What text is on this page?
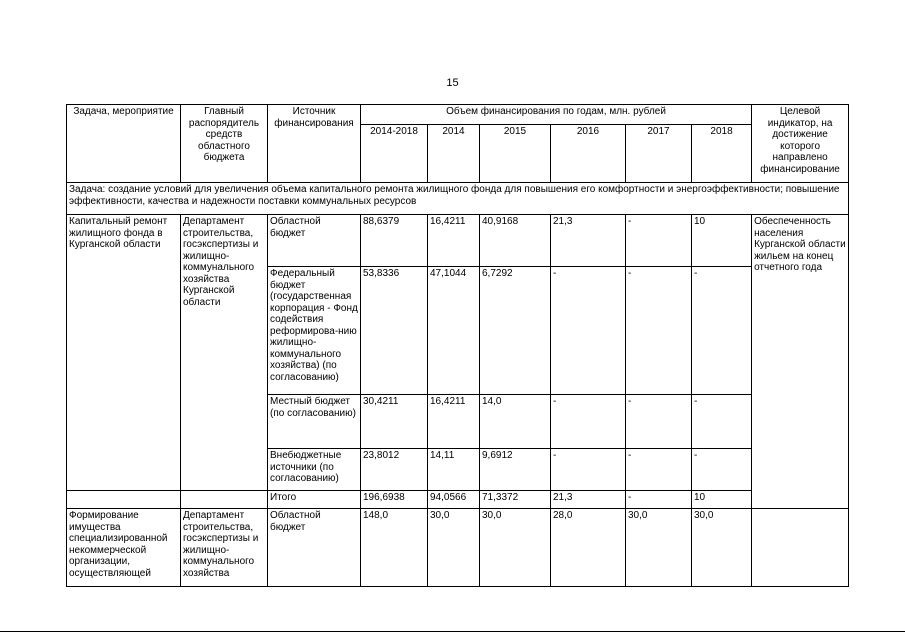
15
Задача, мероприятие	Главный распорядитель средств областного бюджета	Источник финансирования	Объем финансирования по годам, млн. рублей						Целевой индикатор, на достижение которого направлено финансирование
			2014-2018	2014	2015	2016	2017	2018	
Задача: создание условий для увеличения объема капитального ремонта жилищного фонда для повышения его комфортности и энергоэффективности; повышение эффективности, качества и надежности поставки коммунальных ресурсов									
Капитальный ремонт жилищного фонда в Курганской области	Департамент строительства, госэкспертизы и жилищно-коммунального хозяйства Курганской области	Областной бюджет	88,6379	16,4211	40,9168	21,3	-	10	Обеспеченность населения Курганской области жильем на конец отчетного года
		Федеральный бюджет (государственная корпорация - Фонд содействия реформирова-нию жилищно-коммунального хозяйства) (по согласованию)	53,8336	47,1044	6,7292	-	-	-	
		Местный бюджет (по согласованию)	30,4211	16,4211	14,0	-	-	-	
		Внебюджетные источники (по согласованию)	23,8012	14,11	9,6912	-	-	-	
		Итого	196,6938	94,0566	71,3372	21,3	-	10	
Формирование имущества специализированной некоммерческой организации, осуществляющей	Департамент строительства, госэкспертизы и жилищно-коммунального хозяйства	Областной бюджет	148,0	30,0	30,0	28,0	30,0	30,0	
